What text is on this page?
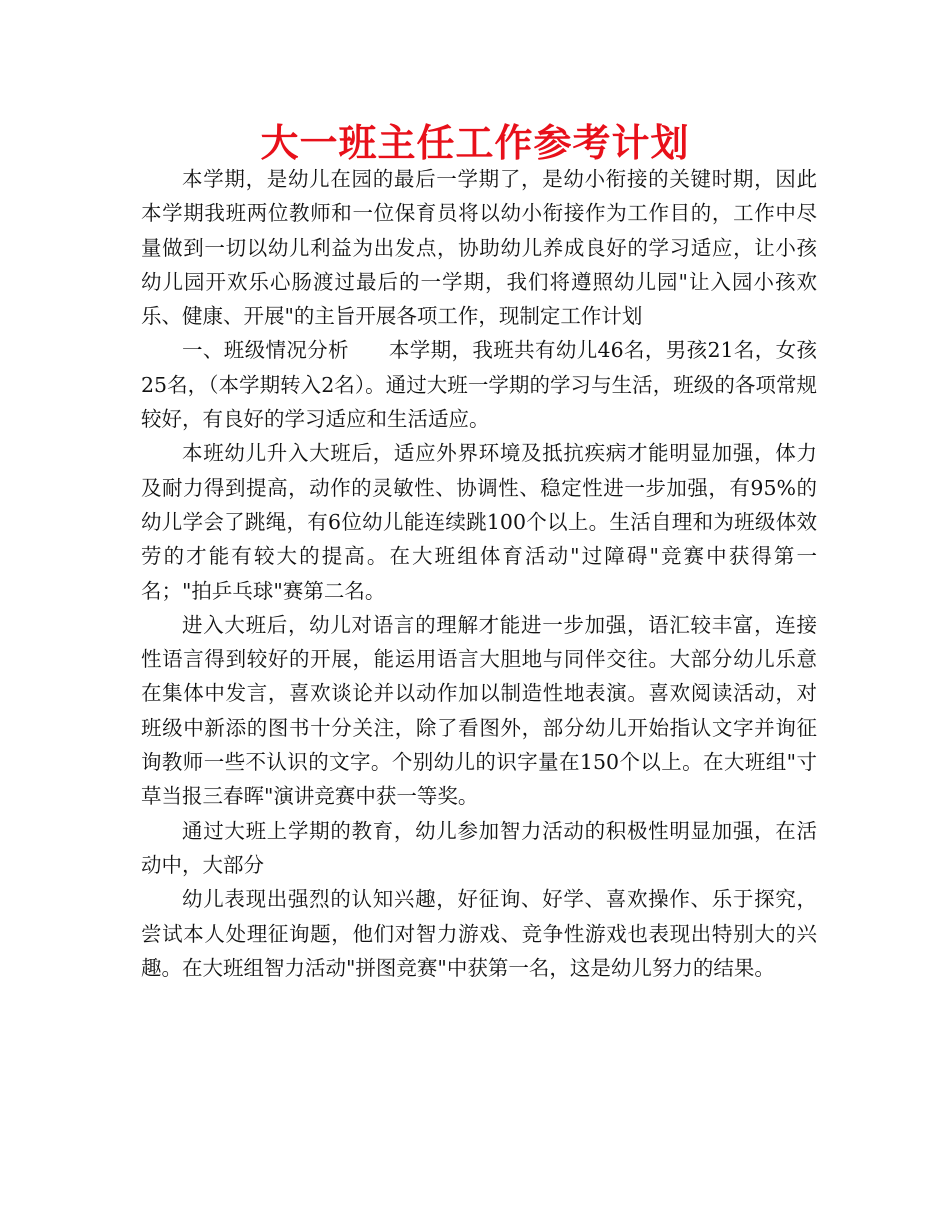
大一班主任工作参考计划

本学期，是幼儿在园的最后一学期了，是幼小衔接的关键时期，因此本学期我班两位教师和一位保育员将以幼小衔接作为工作目的，工作中尽量做到一切以幼儿利益为出发点，协助幼儿养成良好的学习适应，让小孩幼儿园开欢乐心肠渡过最后的一学期，我们将遵照幼儿园"让入园小孩欢乐、健康、开展"的主旨开展各项工作，现制定工作计划

一、班级情况分析 本学期，我班共有幼儿46名，男孩21名，女孩25名，（本学期转入2名）。通过大班一学期的学习与生活，班级的各项常规较好，有良好的学习适应和生活适应。

本班幼儿升入大班后，适应外界环境及抵抗疾病才能明显加强，体力及耐力得到提高，动作的灵敏性、协调性、稳定性进一步加强，有95%的幼儿学会了跳绳，有6位幼儿能连续跳100个以上。生活自理和为班级体效劳的才能有较大的提高。在大班组体育活动"过障碍"竞赛中获得第一名；"拍乒乓球"赛第二名。

进入大班后，幼儿对语言的理解才能进一步加强，语汇较丰富，连接性语言得到较好的开展，能运用语言大胆地与同伴交往。大部分幼儿乐意在集体中发言，喜欢谈论并以动作加以制造性地表演。喜欢阅读活动，对班级中新添的图书十分关注，除了看图外，部分幼儿开始指认文字并询征询教师一些不认识的文字。个别幼儿的识字量在150个以上。在大班组"寸草当报三春晖"演讲竞赛中获一等奖。

通过大班上学期的教育，幼儿参加智力活动的积极性明显加强，在活动中，大部分

幼儿表现出强烈的认知兴趣，好征询、好学、喜欢操作、乐于探究，尝试本人处理征询题，他们对智力游戏、竞争性游戏也表现出特别大的兴趣。在大班组智力活动"拼图竞赛"中获第一名，这是幼儿努力的结果。
